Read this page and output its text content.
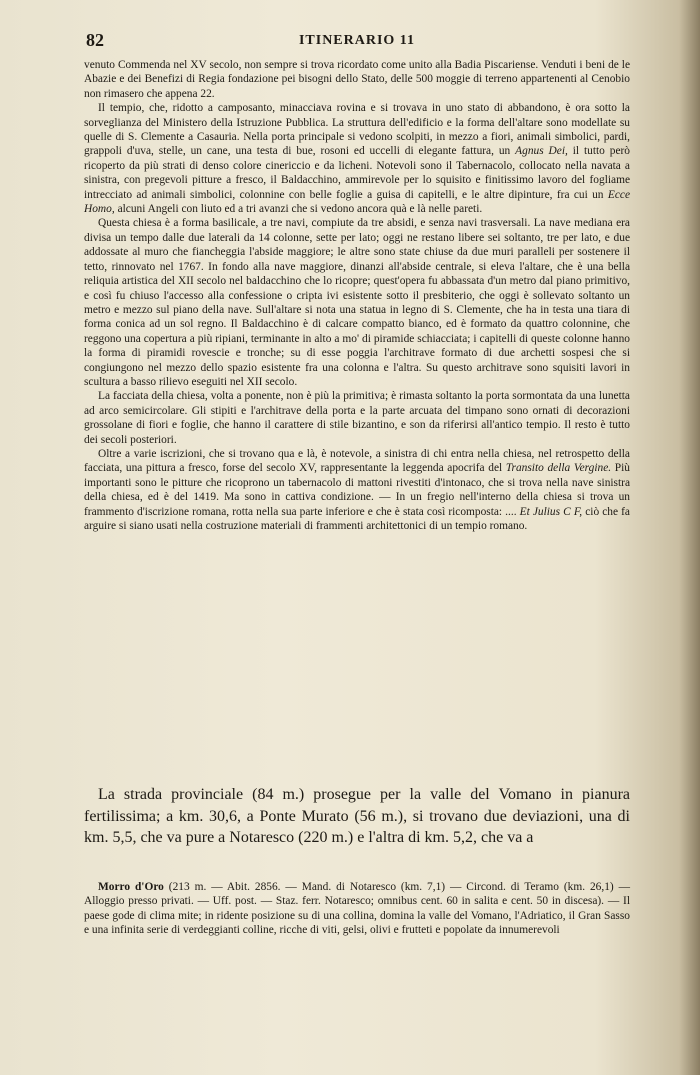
82	ITINERARIO 11

venuto Commenda nel XV secolo, non sempre si trova ricordato come unito alla Badia Piscariense. Venduti i beni de le Abazie e dei Benefizi di Regia fondazione pei bisogni dello Stato, delle 500 moggie di terreno appartenenti al Cenobio non rimasero che appena 22.

Il tempio, che, ridotto a camposanto, minacciava rovina e si trovava in uno stato di abbandono, è ora sotto la sorveglianza del Ministero della Istruzione Pubblica. La struttura dell'edificio e la forma dell'altare sono modellate su quelle di S. Clemente a Casauria. Nella porta principale si vedono scolpiti, in mezzo a fiori, animali simbolici, pardi, grappoli d'uva, stelle, un cane, una testa di bue, rosoni ed uccelli di elegante fattura, un Agnus Dei, il tutto però ricoperto da più strati di denso colore cinericcio e da licheni. Notevoli sono il Tabernacolo, collocato nella navata a sinistra, con pregevoli pitture a fresco, il Baldacchino, ammirevole per lo squisito e finitissimo lavoro del fogliame intrecciato ad animali simbolici, colonnine con belle foglie a guisa di capitelli, e le altre dipinture, fra cui un Ecce Homo, alcuni Angeli con liuto ed a tri avanzi che si vedono ancora quà e là nelle pareti.

Questa chiesa è a forma basilicale, a tre navi, compiute da tre absidi, e senza navi trasversali. La nave mediana era divisa un tempo dalle due laterali da 14 colonne, sette per lato; oggi ne restano libere sei soltanto, tre per lato, e due addossate al muro che fiancheggia l'abside maggiore; le altre sono state chiuse da due muri paralleli per sostenere il tetto, rinnovato nel 1767. In fondo alla nave maggiore, dinanzi all'abside centrale, si eleva l'altare, che è una bella reliquia artistica del XII secolo nel baldacchino che lo ricopre; quest'opera fu abbassata d'un metro dal piano primitivo, e così fu chiuso l'accesso alla confessione o cripta ivi esistente sotto il presbiterio, che oggi è sollevato soltanto un metro e mezzo sul piano della nave. Sull'altare si nota una statua in legno di S. Clemente, che ha in testa una tiara di forma conica ad un sol regno. Il Baldacchino è di calcare compatto bianco, ed è formato da quattro colonnine, che reggono una copertura a più ripiani, terminante in alto a mo' di piramide schiacciata; i capitelli di queste colonne hanno la forma di piramidi rovescie e tronche; su di esse poggia l'architrave formato di due archetti sospesi che si congiungono nel mezzo dello spazio esistente fra una colonna e l'altra. Su questo architrave sono squisiti lavori in scultura a basso rilievo eseguiti nel XII secolo.

La facciata della chiesa, volta a ponente, non è più la primitiva; è rimasta soltanto la porta sormontata da una lunetta ad arco semicircolare. Gli stipiti e l'architrave della porta e la parte arcuata del timpano sono ornati di decorazioni grossolane di fiori e foglie, che hanno il carattere di stile bizantino, e son da riferirsi all'antico tempio. Il resto è tutto dei secoli posteriori.

Oltre a varie iscrizioni, che si trovano qua e là, è notevole, a sinistra di chi entra nella chiesa, nel retrospetto della facciata, una pittura a fresco, forse del secolo XV, rappresentante la leggenda apocrifa del Transito della Vergine. Più importanti sono le pitture che ricoprono un tabernacolo di mattoni rivestiti d'intonaco, che si trova nella nave sinistra della chiesa, ed è del 1419. Ma sono in cattiva condizione. — In un fregio nell'interno della chiesa si trova un frammento d'iscrizione romana, rotta nella sua parte inferiore e che è stata così ricomposta: .... Et Julius C F, ciò che fa arguire si siano usati nella costruzione materiali di frammenti architettonici di un tempio romano.

La strada provinciale (84 m.) prosegue per la valle del Vomano in pianura fertilissima; a km. 30,6, a Ponte Murato (56 m.), si trovano due deviazioni, una di km. 5,5, che va pure a Notaresco (220 m.) e l'altra di km. 5,2, che va a

Morro d'Oro (213 m. — Abit. 2856. — Mand. di Notaresco (km. 7,1) — Circond. di Teramo (km. 26,1) — Alloggio presso privati. — Uff. post. — Staz. ferr. Notaresco; omnibus cent. 60 in salita e cent. 50 in discesa). — Il paese gode di clima mite; in ridente posizione su di una collina, domina la valle del Vomano, l'Adriatico, il Gran Sasso e una infinita serie di verdeggianti colline, ricche di viti, gelsi, olivi e frutteti e popolate da innumerevoli
